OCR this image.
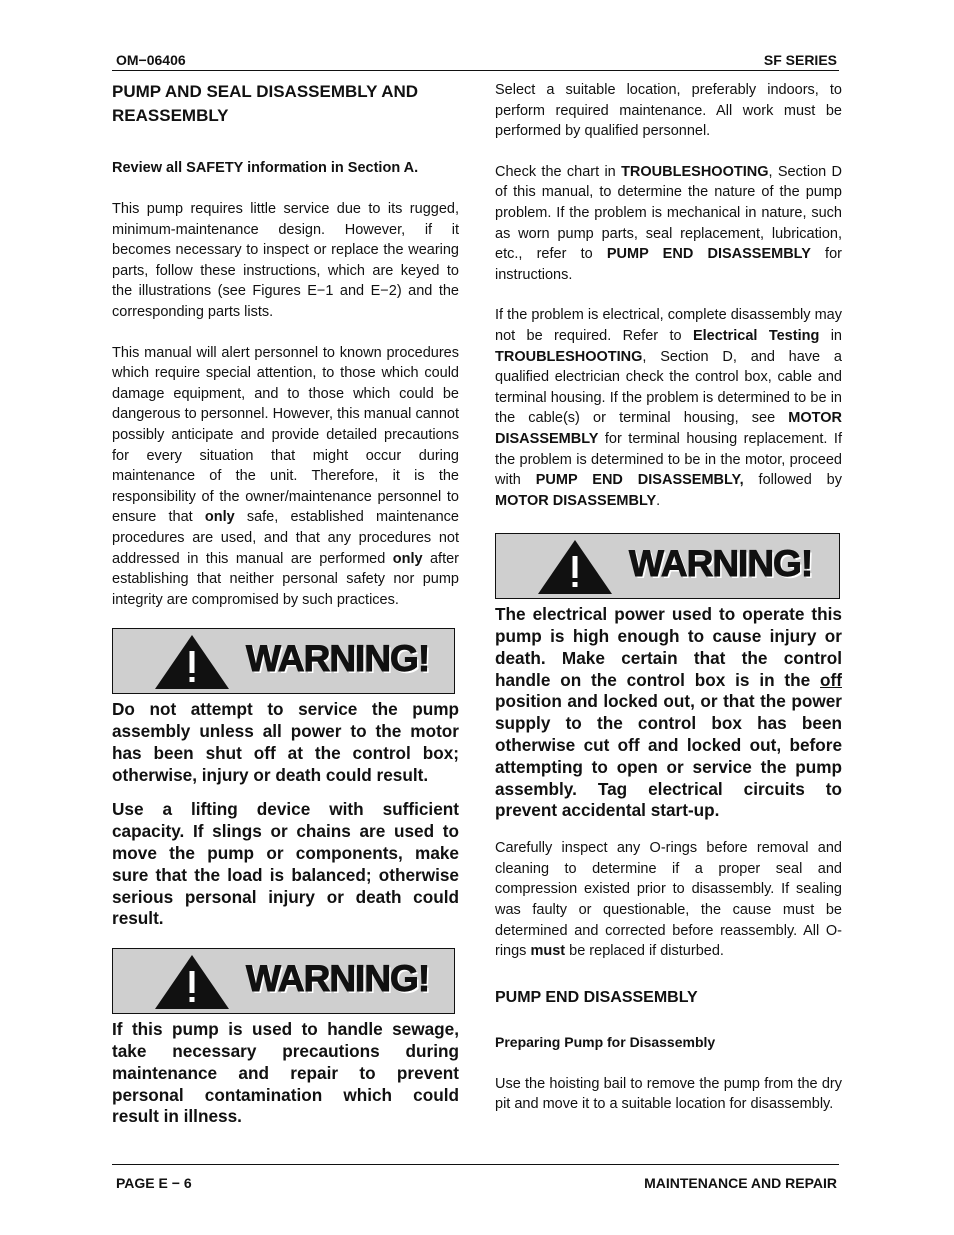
OM−06406	SF SERIES
PUMP AND SEAL DISASSEMBLY AND REASSEMBLY

Review all SAFETY information in Section A.

This pump requires little service due to its rugged, minimum-maintenance design. However, if it becomes necessary to inspect or replace the wearing parts, follow these instructions, which are keyed to the illustrations (see Figures E−1 and E−2) and the corresponding parts lists.

This manual will alert personnel to known procedures which require special attention, to those which could damage equipment, and to those which could be dangerous to personnel. However, this manual cannot possibly anticipate and provide detailed precautions for every situation that might occur during maintenance of the unit. Therefore, it is the responsibility of the owner/maintenance personnel to ensure that only safe, established maintenance procedures are used, and that any procedures not addressed in this manual are performed only after establishing that neither personal safety nor pump integrity are compromised by such practices.

WARNING!

Do not attempt to service the pump assembly unless all power to the motor has been shut off at the control box; otherwise, injury or death could result.

Use a lifting device with sufficient capacity. If slings or chains are used to move the pump or components, make sure that the load is balanced; otherwise serious personal injury or death could result.

WARNING!

If this pump is used to handle sewage, take necessary precautions during maintenance and repair to prevent personal contamination which could result in illness.

Select a suitable location, preferably indoors, to perform required maintenance. All work must be performed by qualified personnel.

Check the chart in TROUBLESHOOTING, Section D of this manual, to determine the nature of the pump problem. If the problem is mechanical in nature, such as worn pump parts, seal replacement, lubrication, etc., refer to PUMP END DISASSEMBLY for instructions.

If the problem is electrical, complete disassembly may not be required. Refer to Electrical Testing in TROUBLESHOOTING, Section D, and have a qualified electrician check the control box, cable and terminal housing. If the problem is determined to be in the cable(s) or terminal housing, see MOTOR DISASSEMBLY for terminal housing replacement. If the problem is determined to be in the motor, proceed with PUMP END DISASSEMBLY, followed by MOTOR DISASSEMBLY.

WARNING!

The electrical power used to operate this pump is high enough to cause injury or death. Make certain that the control handle on the control box is in the off position and locked out, or that the power supply to the control box has been otherwise cut off and locked out, before attempting to open or service the pump assembly. Tag electrical circuits to prevent accidental start-up.

Carefully inspect any O-rings before removal and cleaning to determine if a proper seal and compression existed prior to disassembly. If sealing was faulty or questionable, the cause must be determined and corrected before reassembly. All O-rings must be replaced if disturbed.

PUMP END DISASSEMBLY

Preparing Pump for Disassembly

Use the hoisting bail to remove the pump from the dry pit and move it to a suitable location for disassembly.

PAGE E − 6	MAINTENANCE AND REPAIR
